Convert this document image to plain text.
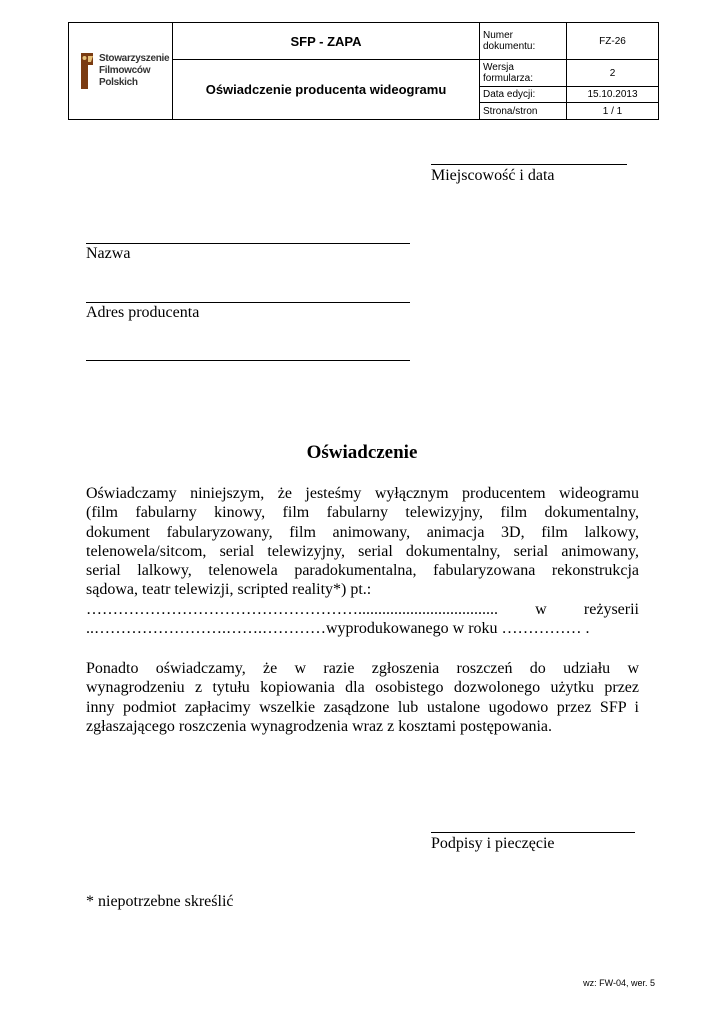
Stowarzyszenie
Filmowców
Polskich	SFP - ZAPA	Numer dokumentu:	FZ-26
	Oświadczenie producenta wideogramu	Wersja formularza:	2
		Data edycji:	15.10.2013
		Strona/stron	1 / 1
Miejscowość i data
Nazwa
Adres producenta
Oświadczenie
Oświadczamy niniejszym, że jesteśmy wyłącznym producentem wideogramu
(film fabularny kinowy, film fabularny telewizyjny, film dokumentalny,
dokument fabularyzowany, film animowany, animacja 3D, film lalkowy,
telenowela/sitcom, serial telewizyjny, serial dokumentalny, serial animowany,
serial lalkowy, telenowela paradokumentalna, fabularyzowana rekonstrukcja
sądowa, teatr telewizji, scripted reality*) pt.:
……………………………………………................................... w reżyserii
..…………………….…….…………wyprodukowanego w roku …………… .
Ponadto oświadczamy, że w razie zgłoszenia roszczeń do udziału w
wynagrodzeniu z tytułu kopiowania dla osobistego dozwolonego użytku przez
inny podmiot zapłacimy wszelkie zasądzone lub ustalone ugodowo przez SFP i
zgłaszającego roszczenia wynagrodzenia wraz z kosztami postępowania.
Podpisy i pieczęcie
* niepotrzebne skreślić
wz: FW-04, wer. 5
